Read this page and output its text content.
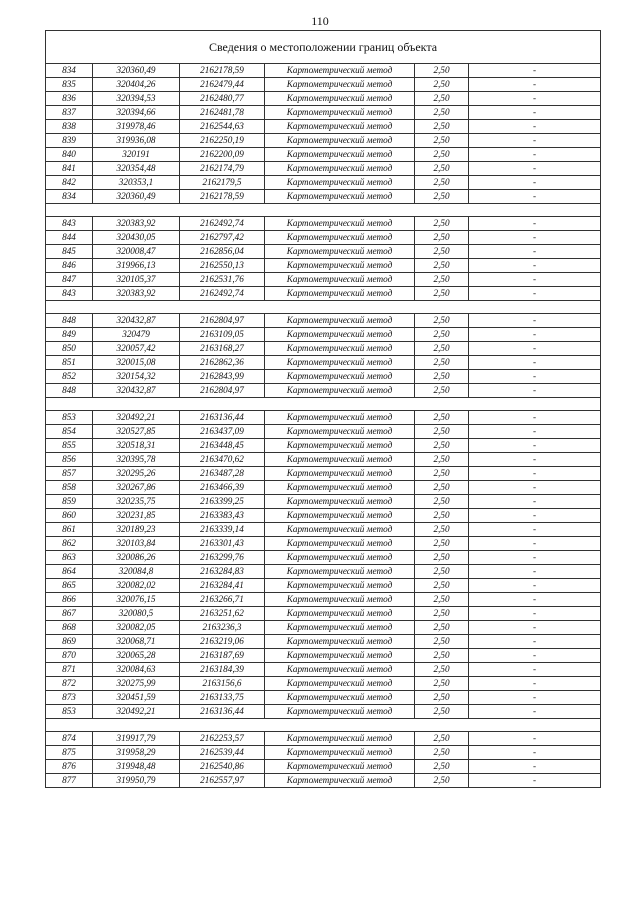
110
Сведения о местоположении границ объекта					
834	320360,49	2162178,59	Картометрический метод	2,50	-
835	320404,26	2162479,44	Картометрический метод	2,50	-
836	320394,53	2162480,77	Картометрический метод	2,50	-
837	320394,66	2162481,78	Картометрический метод	2,50	-
838	319978,46	2162544,63	Картометрический метод	2,50	-
839	319936,08	2162250,19	Картометрический метод	2,50	-
840	320191	2162200,09	Картометрический метод	2,50	-
841	320354,48	2162174,79	Картометрический метод	2,50	-
842	320353,1	2162179,5	Картометрический метод	2,50	-
834	320360,49	2162178,59	Картометрический метод	2,50	-

843	320383,92	2162492,74	Картометрический метод	2,50	-
844	320430,05	2162797,42	Картометрический метод	2,50	-
845	320008,47	2162856,04	Картометрический метод	2,50	-
846	319966,13	2162550,13	Картометрический метод	2,50	-
847	320105,37	2162531,76	Картометрический метод	2,50	-
843	320383,92	2162492,74	Картометрический метод	2,50	-

848	320432,87	2162804,97	Картометрический метод	2,50	-
849	320479	2163109,05	Картометрический метод	2,50	-
850	320057,42	2163168,27	Картометрический метод	2,50	-
851	320015,08	2162862,36	Картометрический метод	2,50	-
852	320154,32	2162843,99	Картометрический метод	2,50	-
848	320432,87	2162804,97	Картометрический метод	2,50	-

853	320492,21	2163136,44	Картометрический метод	2,50	-
854	320527,85	2163437,09	Картометрический метод	2,50	-
855	320518,31	2163448,45	Картометрический метод	2,50	-
856	320395,78	2163470,62	Картометрический метод	2,50	-
857	320295,26	2163487,28	Картометрический метод	2,50	-
858	320267,86	2163466,39	Картометрический метод	2,50	-
859	320235,75	2163399,25	Картометрический метод	2,50	-
860	320231,85	2163383,43	Картометрический метод	2,50	-
861	320189,23	2163339,14	Картометрический метод	2,50	-
862	320103,84	2163301,43	Картометрический метод	2,50	-
863	320086,26	2163299,76	Картометрический метод	2,50	-
864	320084,8	2163284,83	Картометрический метод	2,50	-
865	320082,02	2163284,41	Картометрический метод	2,50	-
866	320076,15	2163266,71	Картометрический метод	2,50	-
867	320080,5	2163251,62	Картометрический метод	2,50	-
868	320082,05	2163236,3	Картометрический метод	2,50	-
869	320068,71	2163219,06	Картометрический метод	2,50	-
870	320065,28	2163187,69	Картометрический метод	2,50	-
871	320084,63	2163184,39	Картометрический метод	2,50	-
872	320275,99	2163156,6	Картометрический метод	2,50	-
873	320451,59	2163133,75	Картометрический метод	2,50	-
853	320492,21	2163136,44	Картометрический метод	2,50	-

874	319917,79	2162253,57	Картометрический метод	2,50	-
875	319958,29	2162539,44	Картометрический метод	2,50	-
876	319948,48	2162540,86	Картометрический метод	2,50	-
877	319950,79	2162557,97	Картометрический метод	2,50	-
